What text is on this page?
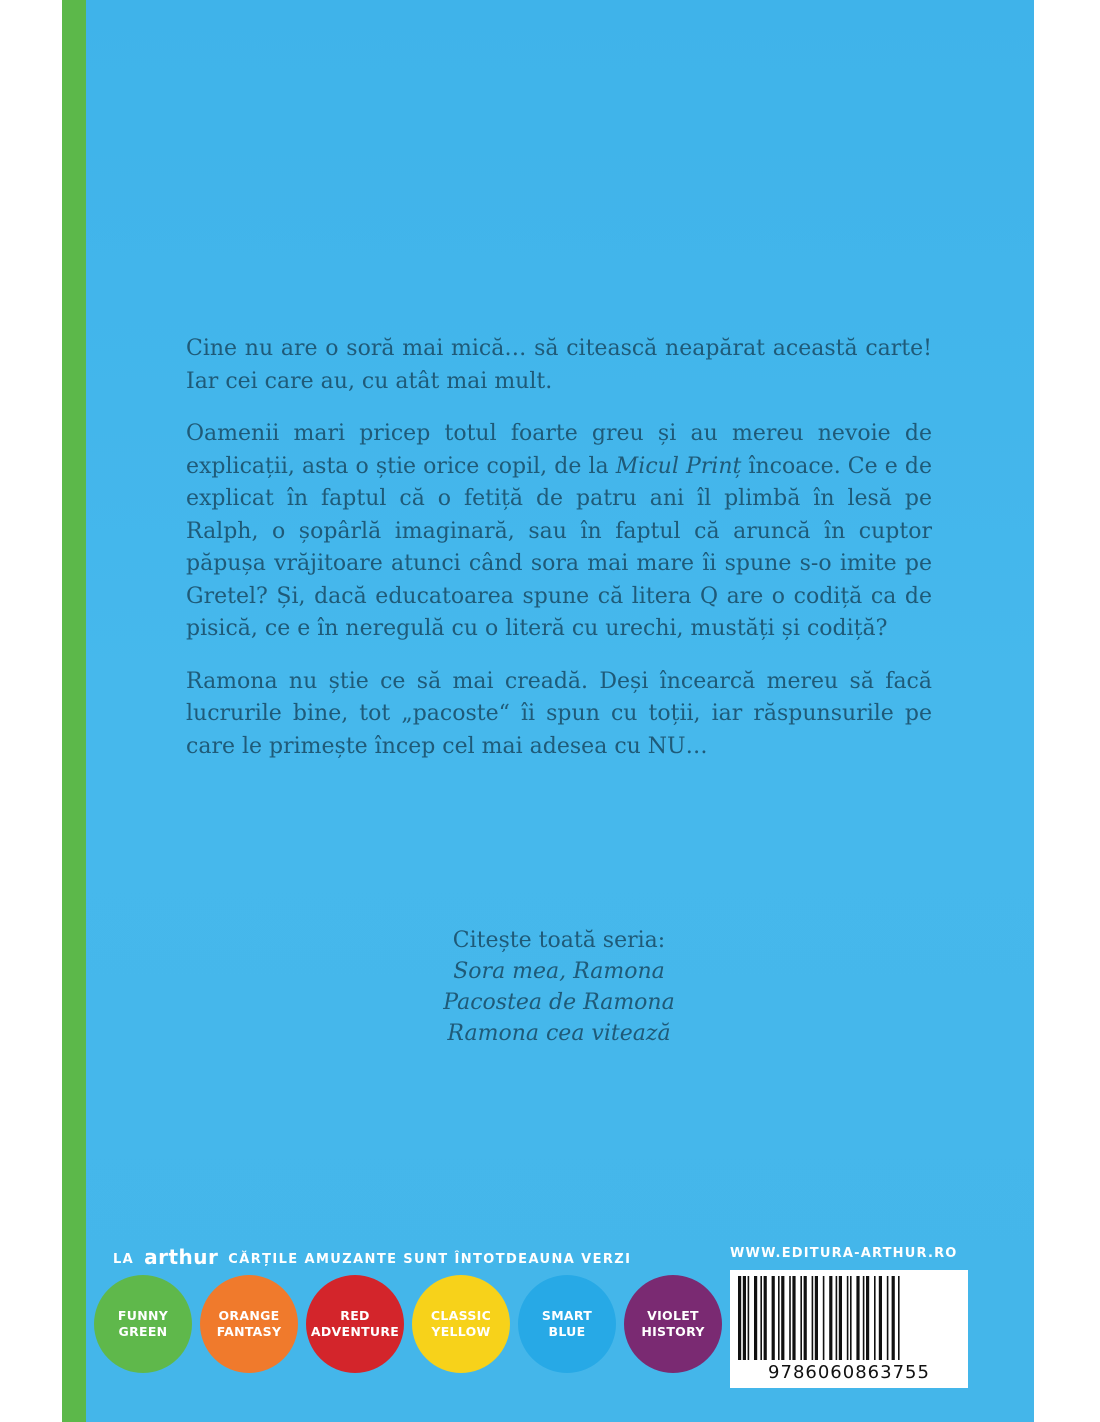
Cine nu are o soră mai mică… să citească neapărat această carte! Iar cei care au, cu atât mai mult.

Oamenii mari pricep totul foarte greu și au mereu nevoie de explicații, asta o știe orice copil, de la Micul Prinț încoace. Ce e de explicat în faptul că o fetiță de patru ani îl plimbă în lesă pe Ralph, o șopârlă imaginară, sau în faptul că aruncă în cuptor păpușa vrăjitoare atunci când sora mai mare îi spune s-o imite pe Gretel? Și, dacă educatoarea spune că litera Q are o codiță ca de pisică, ce e în neregulă cu o literă cu urechi, mustăți și codiță?

Ramona nu știe ce să mai creadă. Deși încearcă mereu să facă lucrurile bine, tot „pacoste“ îi spun cu toții, iar răspunsurile pe care le primește încep cel mai adesea cu NU…

Citește toată seria:
Sora mea, Ramona
Pacostea de Ramona
Ramona cea vitează
LA arthur CĂRȚILE AMUZANTE SUNT ÎNTOTDEAUNA VERZI	WWW.EDITURA-ARTHUR.RO
FUNNY
GREEN
ORANGE
FANTASY
RED
ADVENTURE
CLASSIC
YELLOW
SMART
BLUE
VIOLET
HISTORY
9786060863755
